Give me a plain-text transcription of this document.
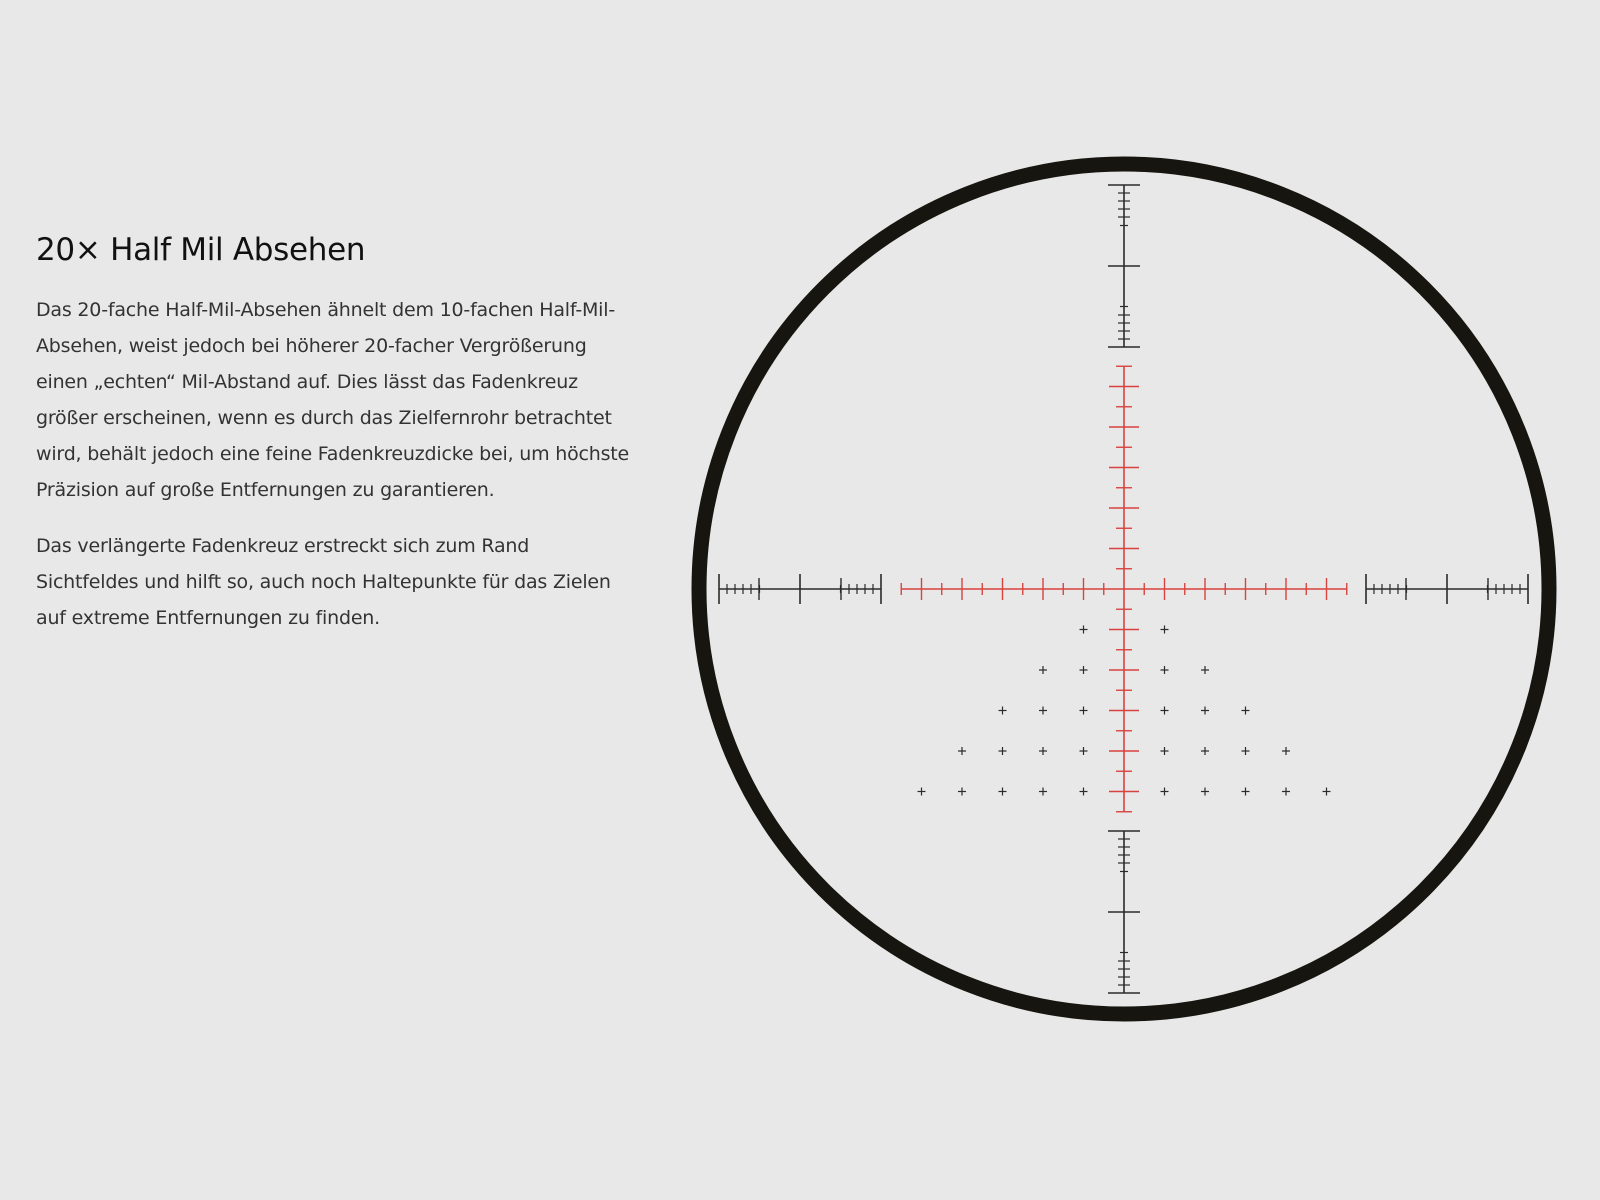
20× Half Mil Absehen

Das 20-fache Half-Mil-Absehen ähnelt dem 10-fachen Half-Mil-Absehen, weist jedoch bei höherer 20-facher Vergrößerung einen „echten“ Mil-Abstand auf. Dies lässt das Fadenkreuz größer erscheinen, wenn es durch das Zielfernrohr betrachtet wird, behält jedoch eine feine Fadenkreuzdicke bei, um höchste Präzision auf große Entfernungen zu garantieren.

Das verlängerte Fadenkreuz erstreckt sich zum Rand Sichtfeldes und hilft so, auch noch Haltepunkte für das Zielen auf extreme Entfernungen zu finden.
